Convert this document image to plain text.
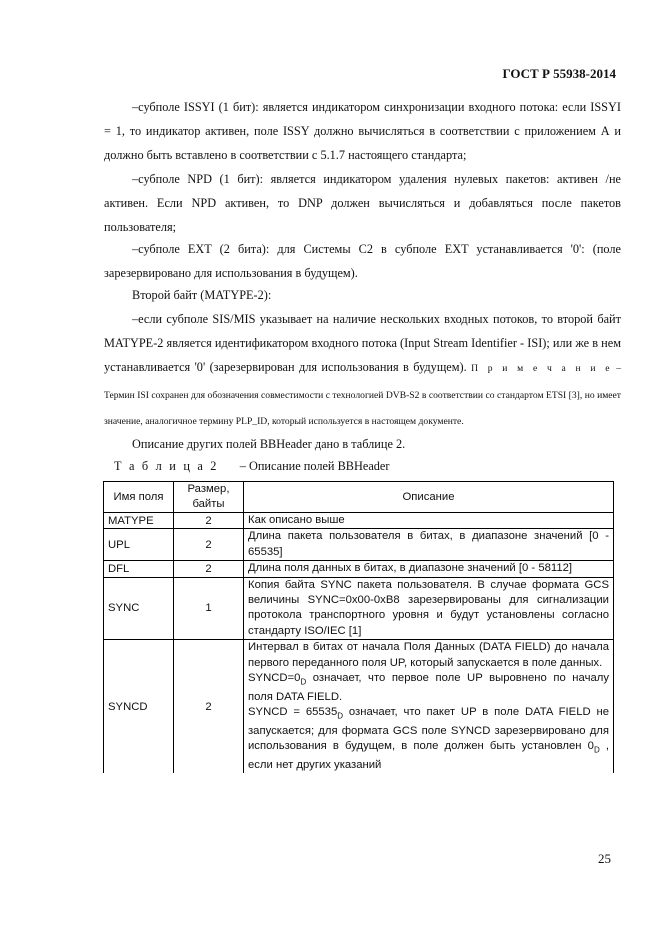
ГОСТ Р 55938-2014
–субполе ISSYI (1 бит): является индикатором синхронизации входного потока: если ISSYI = 1, то индикатор активен, поле ISSY должно вычисляться в соответствии с приложением А и должно быть вставлено в соответствии с 5.1.7 настоящего стандарта;
–субполе NPD (1 бит): является индикатором удаления нулевых пакетов: активен /не активен. Если NPD активен, то DNP должен вычисляться и добавляться после пакетов пользователя;
–субполе EXT (2 бита): для Системы С2 в субполе EXT устанавливается '0': (поле зарезервировано для использования в будущем).
Второй байт (MATYPE-2):
–если субполе SIS/MIS указывает на наличие нескольких входных потоков, то второй байт MATYPE-2 является идентификатором входного потока (Input Stream Identifier - ISI); или же в нем устанавливается '0' (зарезервирован для использования в будущем). П р и м е ч а н и е – Термин ISI сохранен для обозначения совместимости с технологией DVB-S2 в соответствии со стандартом ETSI [3], но имеет значение, аналогичное термину PLP_ID, который используется в настоящем документе.
Описание других полей BBHeader дано в таблице 2.
Т а б л и ц а 2 – Описание полей BBHeader
Имя поля	Размер, байты	Описание
MATYPE	2	Как описано выше
UPL	2	Длина пакета пользователя в битах, в диапазоне значений [0 - 65535]
DFL	2	Длина поля данных в битах, в диапазоне значений [0 - 58112]
SYNC	1	Копия байта SYNC пакета пользователя. В случае формата GCS величины SYNC=0x00-0xB8 зарезервированы для сигнализации протокола транспортного уровня и будут установлены согласно стандарту ISO/IEC [1]
SYNCD	2	Интервал в битах от начала Поля Данных (DATA FIELD) до начала первого переданного поля UP, который запускается в поле данных.
$SYNCD=0_D$ означает, что первое поле UP выровнено по началу поля DATA FIELD.
SYNCD = $65535_D$ означает, что пакет UP в поле DATA FIELD не запускается; для формата GCS поле SYNCD зарезервировано для использования в будущем, в поле должен быть установлен $0_D$ , если нет других указаний
25
